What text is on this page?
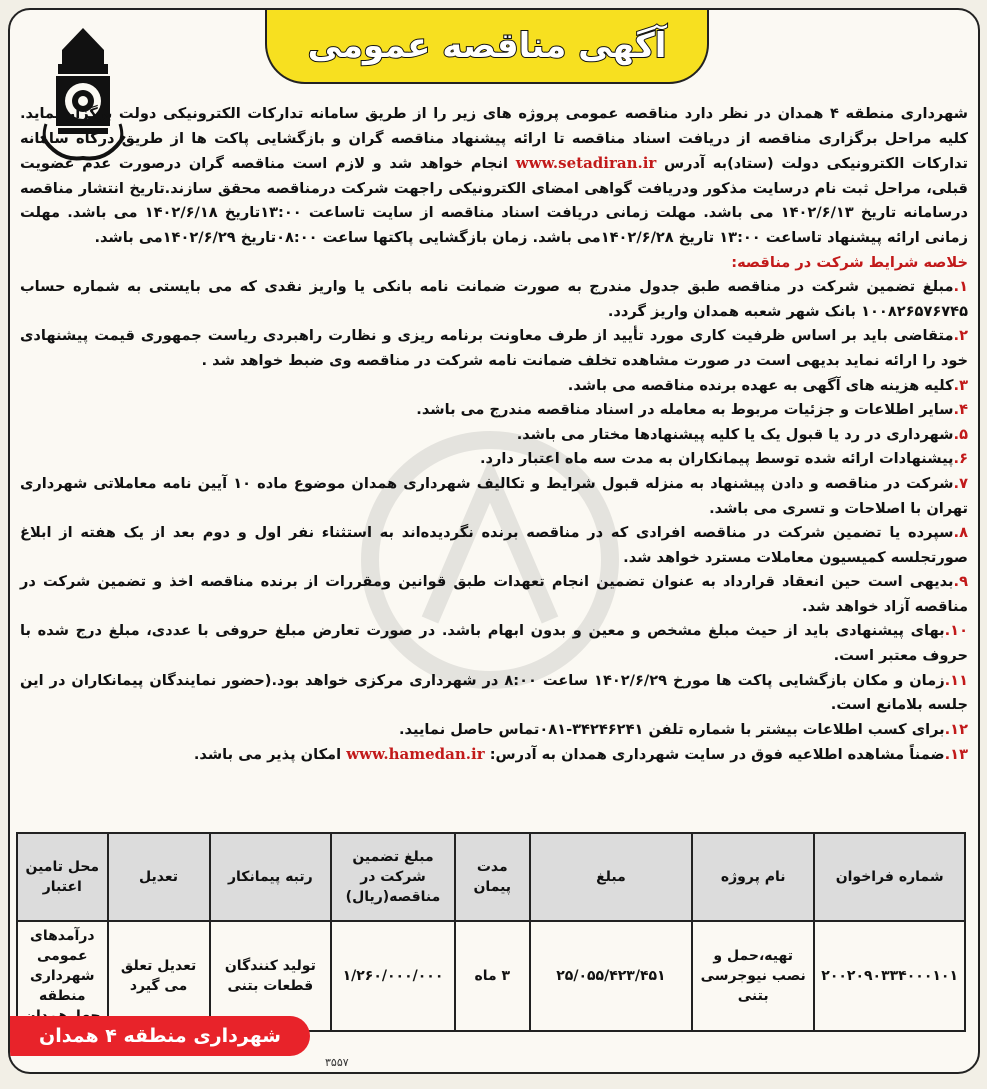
آگهی مناقصه عمومی

شهرداری منطقه ۴ همدان در نظر دارد مناقصه عمومی پروژه های زیر را از طریق سامانه تدارکات الکترونیکی دولت برگزار نماید. کلیه مراحل برگزاری مناقصه از دریافت اسناد مناقصه تا ارائه پیشنهاد مناقصه گران و بازگشایی پاکت ها از طریق درگاه سامانه تدارکات الکترونیکی دولت (ستاد)به آدرس www.setadiran.ir انجام خواهد شد و لازم است مناقصه گران درصورت عدم عضویت قبلی، مراحل ثبت نام درسایت مذکور ودریافت گواهی امضای الکترونیکی راجهت شرکت درمناقصه محقق سازند.تاریخ انتشار مناقصه درسامانه تاریخ ۱۴۰۲/۶/۱۳ می باشد. مهلت زمانی دریافت اسناد مناقصه از سایت تاساعت ۱۳:۰۰تاریخ ۱۴۰۲/۶/۱۸ می باشد. مهلت زمانی ارائه پیشنهاد تاساعت ۱۳:۰۰ تاریخ ۱۴۰۲/۶/۲۸می باشد. زمان بازگشایی پاکتها ساعت ۰۸:۰۰تاریخ ۱۴۰۲/۶/۲۹می باشد.

خلاصه شرایط شرکت در مناقصه:

۱.مبلغ تضمین شرکت در مناقصه طبق جدول مندرج به صورت ضمانت نامه بانکی یا واریز نقدی که می بایستی به شماره حساب ۱۰۰۸۲۶۵۷۶۷۴۵ بانک شهر شعبه همدان واریز گردد.

۲.متقاضی باید بر اساس ظرفیت کاری مورد تأیید از طرف معاونت برنامه ریزی و نظارت راهبردی ریاست جمهوری قیمت پیشنهادی خود را ارائه نماید بدیهی است در صورت مشاهده تخلف ضمانت نامه شرکت در مناقصه وی ضبط خواهد شد .

۳.کلیه هزینه های آگهی به عهده برنده مناقصه می باشد.

۴.سایر اطلاعات و جزئیات مربوط به معامله در اسناد مناقصه مندرج می باشد.

۵.شهرداری در رد یا قبول یک یا کلیه پیشنهادها مختار می باشد.

۶.پیشنهادات ارائه شده توسط پیمانکاران به مدت سه ماه اعتبار دارد.

۷.شرکت در مناقصه و دادن پیشنهاد به منزله قبول شرایط و تکالیف شهرداری همدان موضوع ماده ۱۰ آیین نامه معاملاتی شهرداری تهران با اصلاحات و تسری می باشد.

۸.سپرده یا تضمین شرکت در مناقصه افرادی که در مناقصه برنده نگردیده‌اند به استثناء نفر اول و دوم بعد از یک هفته از ابلاغ صورتجلسه کمیسیون معاملات مسترد خواهد شد.

۹.بدیهی است حین انعقاد قرارداد به عنوان تضمین انجام تعهدات طبق قوانین ومقررات از برنده مناقصه اخذ و تضمین شرکت در مناقصه آزاد خواهد شد.

۱۰.بهای پیشنهادی باید از حیث مبلغ مشخص و معین و بدون ابهام باشد. در صورت تعارض مبلغ حروفی با عددی، مبلغ درج شده با حروف معتبر است.

۱۱.زمان و مکان بازگشایی پاکت ها مورخ ۱۴۰۲/۶/۲۹ ساعت ۸:۰۰ در شهرداری مرکزی خواهد بود.(حضور نمایندگان پیمانکاران در این جلسه بلامانع است.

۱۲.برای کسب اطلاعات بیشتر با شماره تلفن ۳۴۲۴۶۲۴۱-۰۸۱تماس حاصل نمایید.

۱۳.ضمناً مشاهده اطلاعیه فوق در سایت شهرداری همدان به آدرس: www.hamedan.ir امکان پذیر می باشد.

شماره فراخوان	نام پروژه	مبلغ	مدت پیمان	مبلغ تضمین شرکت در مناقصه(ریال)	رتبه پیمانکار	تعدیل	محل تامین اعتبار
۲۰۰۲۰۹۰۳۳۴۰۰۰۱۰۱	تهیه،حمل و نصب نیوجرسی بتنی	۲۵/۰۵۵/۴۲۳/۴۵۱	۳ ماه	۱/۲۶۰/۰۰۰/۰۰۰	تولید کنندگان قطعات بتنی	تعدیل تعلق می گیرد	درآمدهای عمومی شهرداری منطقه
شهرداری منطقه ۴ همدان
۳۵۵۷
